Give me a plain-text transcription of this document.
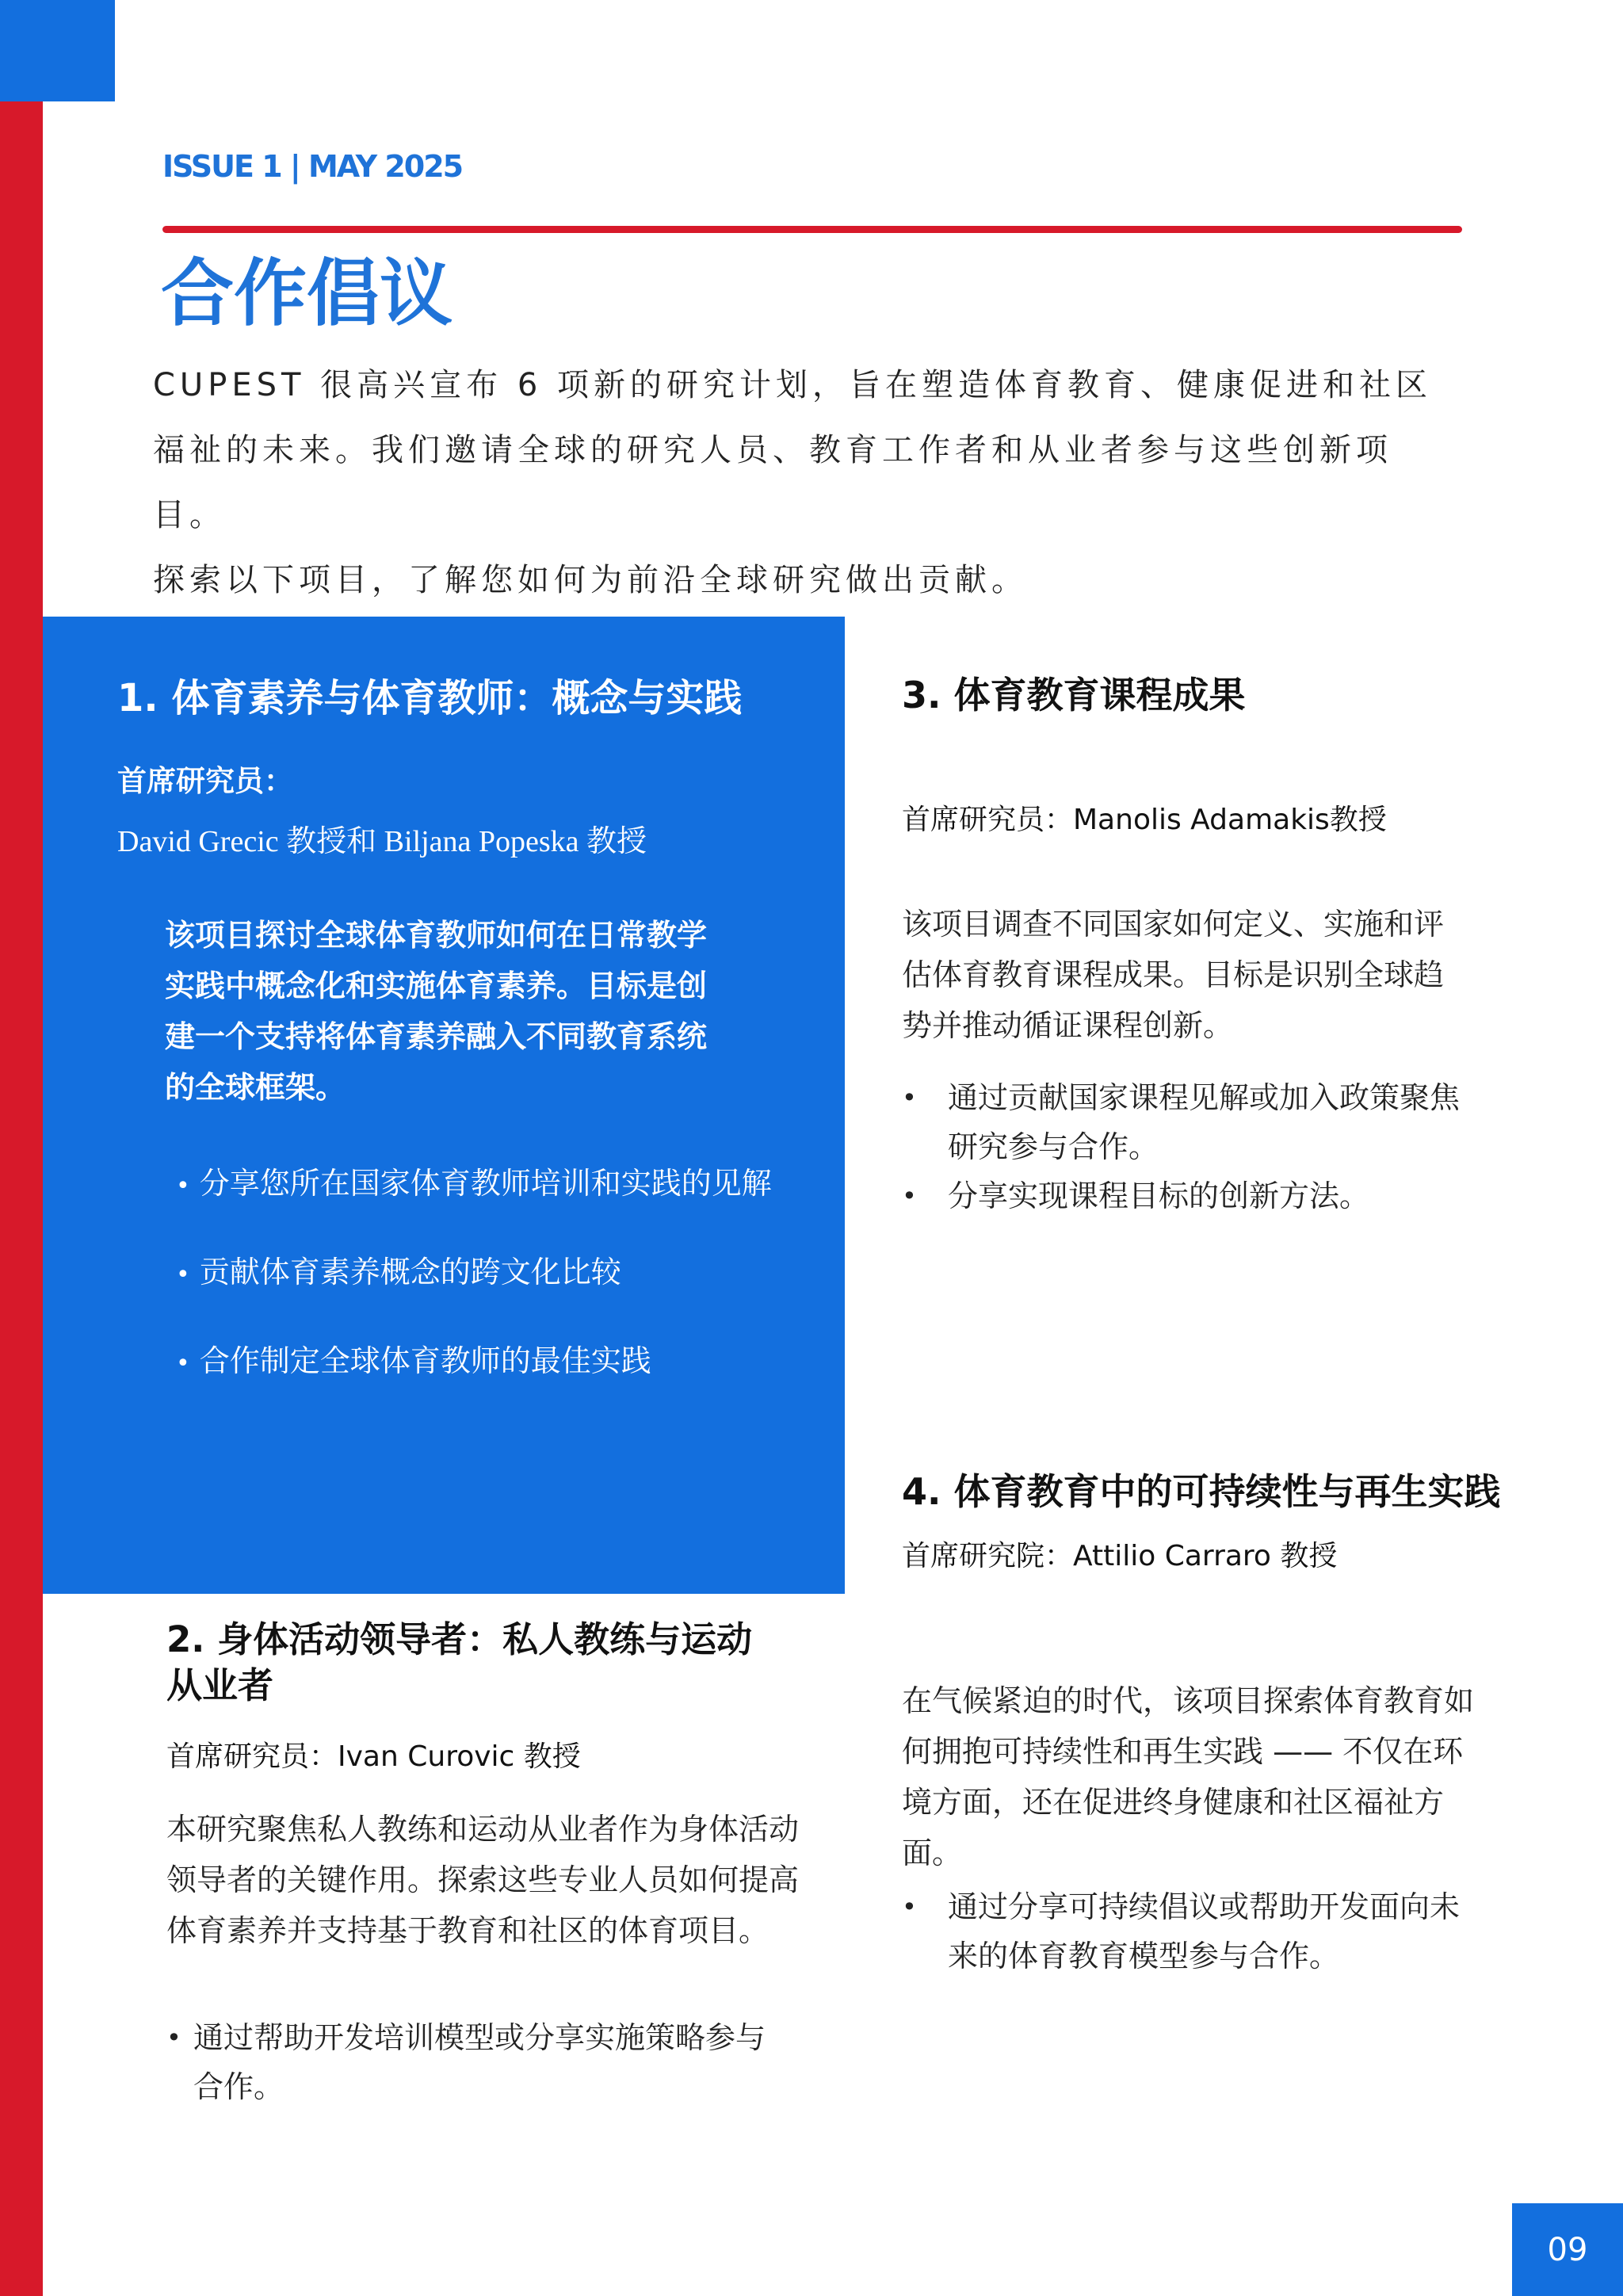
ISSUE 1 | MAY 2025
合作倡议

CUPEST 很高兴宣布 6 项新的研究计划，旨在塑造体育教育、健康促进和社区福祉的未来。我们邀请全球的研究人员、教育工作者和从业者参与这些创新项目。

探索以下项目，了解您如何为前沿全球研究做出贡献。

1. 体育素养与体育教师：概念与实践
首席研究员：
David Grecic 教授和 Biljana Popeska 教授

该项目探讨全球体育教师如何在日常教学实践中概念化和实施体育素养。目标是创建一个支持将体育素养融入不同教育系统的全球框架。

• 分享您所在国家体育教师培训和实践的见解
• 贡献体育素养概念的跨文化比较
• 合作制定全球体育教师的最佳实践
3. 体育教育课程成果
首席研究员：Manolis Adamakis教授

该项目调查不同国家如何定义、实施和评估体育教育课程成果。目标是识别全球趋势并推动循证课程创新。

• 通过贡献国家课程见解或加入政策聚焦研究参与合作。
• 分享实现课程目标的创新方法。
4. 体育教育中的可持续性与再生实践
首席研究院：Attilio Carraro 教授

在气候紧迫的时代，该项目探索体育教育如何拥抱可持续性和再生实践 —— 不仅在环境方面，还在促进终身健康和社区福祉方面。

• 通过分享可持续倡议或帮助开发面向未来的体育教育模型参与合作。
2. 身体活动领导者：私人教练与运动从业者
首席研究员：Ivan Curovic 教授

本研究聚焦私人教练和运动从业者作为身体活动领导者的关键作用。探索这些专业人员如何提高体育素养并支持基于教育和社区的体育项目。

• 通过帮助开发培训模型或分享实施策略参与合作。
09
